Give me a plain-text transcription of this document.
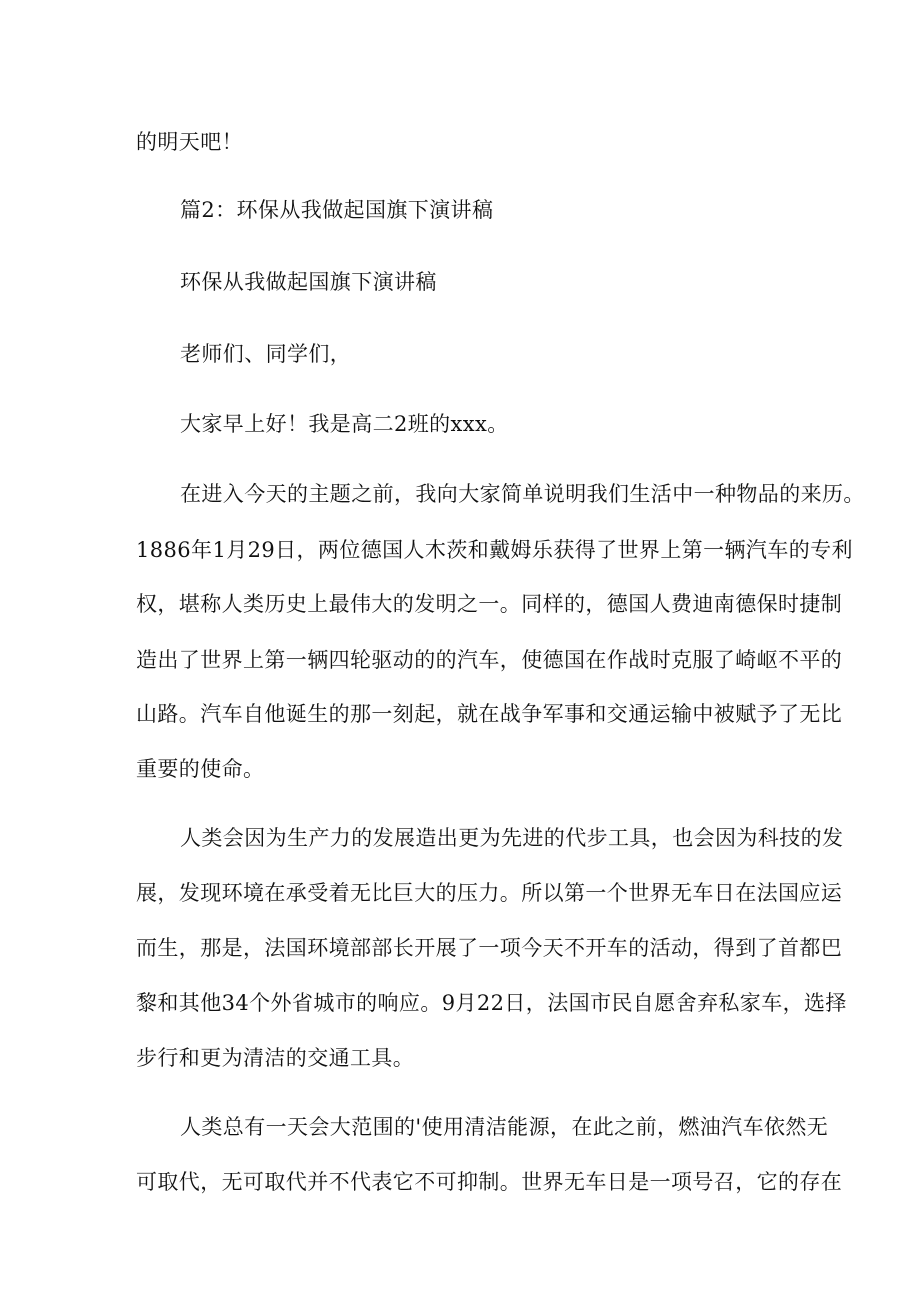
的明天吧！
篇2：环保从我做起国旗下演讲稿
环保从我做起国旗下演讲稿
老师们、同学们，
大家早上好！我是高二2班的xxx。
在进入今天的主题之前，我向大家简单说明我们生活中一种物品的来历。
1886年1月29日，两位德国人木茨和戴姆乐获得了世界上第一辆汽车的专利
权，堪称人类历史上最伟大的发明之一。同样的，德国人费迪南德保时捷制
造出了世界上第一辆四轮驱动的的汽车，使德国在作战时克服了崎岖不平的
山路。汽车自他诞生的那一刻起，就在战争军事和交通运输中被赋予了无比
重要的使命。
人类会因为生产力的发展造出更为先进的代步工具，也会因为科技的发
展，发现环境在承受着无比巨大的压力。所以第一个世界无车日在法国应运
而生，那是，法国环境部部长开展了一项今天不开车的活动，得到了首都巴
黎和其他34个外省城市的响应。9月22日，法国市民自愿舍弃私家车，选择
步行和更为清洁的交通工具。
人类总有一天会大范围的'使用清洁能源，在此之前，燃油汽车依然无
可取代，无可取代并不代表它不可抑制。世界无车日是一项号召，它的存在
